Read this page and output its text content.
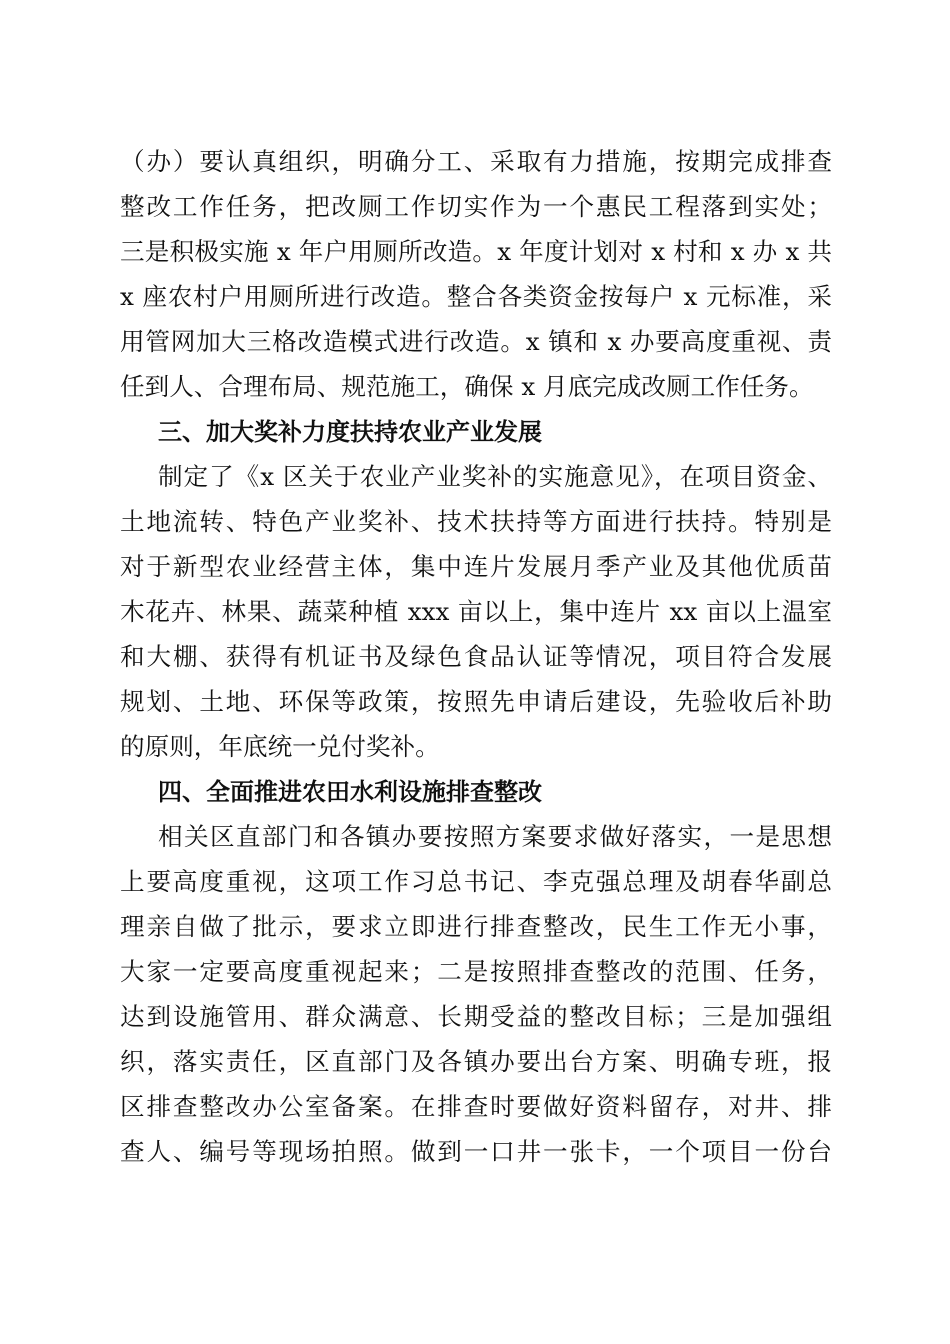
（办）要认真组织，明确分工、采取有力措施，按期完成排查
整改工作任务，把改厕工作切实作为一个惠民工程落到实处；
三是积极实施 x 年户用厕所改造。x 年度计划对 x 村和 x 办 x 共
x 座农村户用厕所进行改造。整合各类资金按每户 x 元标准，采
用管网加大三格改造模式进行改造。x 镇和 x 办要高度重视、责
任到人、合理布局、规范施工，确保 x 月底完成改厕工作任务。
三、加大奖补力度扶持农业产业发展
制定了《x 区关于农业产业奖补的实施意见》，在项目资金、
土地流转、特色产业奖补、技术扶持等方面进行扶持。特别是
对于新型农业经营主体，集中连片发展月季产业及其他优质苗
木花卉、林果、蔬菜种植 xxx 亩以上，集中连片 xx 亩以上温室
和大棚、获得有机证书及绿色食品认证等情况，项目符合发展
规划、土地、环保等政策，按照先申请后建设，先验收后补助
的原则，年底统一兑付奖补。
四、全面推进农田水利设施排查整改
相关区直部门和各镇办要按照方案要求做好落实，一是思想
上要高度重视，这项工作习总书记、李克强总理及胡春华副总
理亲自做了批示，要求立即进行排查整改，民生工作无小事，
大家一定要高度重视起来；二是按照排查整改的范围、任务，
达到设施管用、群众满意、长期受益的整改目标；三是加强组
织，落实责任，区直部门及各镇办要出台方案、明确专班，报
区排查整改办公室备案。在排查时要做好资料留存，对井、排
查人、编号等现场拍照。做到一口井一张卡，一个项目一份台
